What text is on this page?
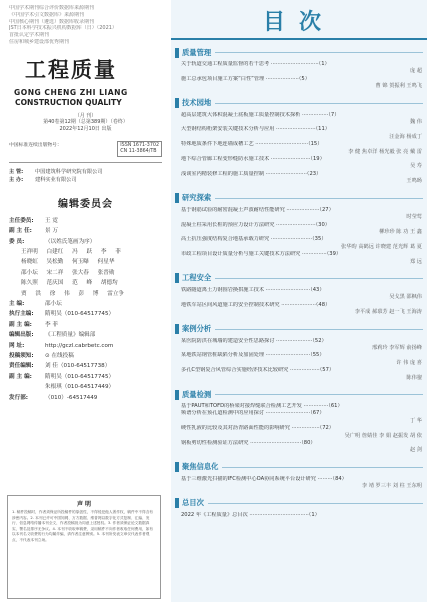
中国学术期刊综合评价数据库来源期刊
《中国学术引文数据库》来源期刊
中国核心期刊（遴选）数据库收录期刊
JST日本科学技术振兴机构数据库（日）（2021）
首批认定学术期刊
住房和城乡建设部优秀期刊
工程质量
GONG CHENG ZHI LIANG
CONSTRUCTION QUALITY
（月 刊）
第40卷第12期（总第389期）（卷终）
2022年12月10日 出版
中国标准连续出版物号：	ISSN 1671-3702
CN 11-3864/TB
主 管: 中国建筑科学研究院有限公司
主 办: 建科实业有限公司
编辑委员会
主任委员: 王 霓
副 主 任: 景 万
委 员:	（以姓氏笔画为序）
王祥明 白建红 冯 跃 李 菲
杨晓虹 吴松勤 何玉曝 何星华
邵小坛 宋二祥 张大春 张晋勋
陈久照 范庆国 范 峰 胡德均
贾 洪 徐 伟 彭 博 雷立争
主 编:	邵小坛
执行主编: 隋明吴（010-64517745）
副 主 编: 李 菲
编辑出版: 《工程质量》编辑部
网 址:	http://gczl.cabrbetc.com
投稿须知: ⊙ 在线投稿
责任编辑: 刘 佳（010-64517738）
副 主 编: 隋明吴（010-64517745）
朱根琪（010-64517449）
发行部:	（010）-64517449
声 明

1. 稿件投稿时，作者须保证所投稿件的原创性，不得侵犯他人著作权，稿件中不得含有涉密内容。2. 本刊已许可中国知网、万方数据、维普网以数字化方式复制、汇编、发行、信息网络传播本刊全文，作者投稿视为同意上述授权。3. 作者须保证论文数据真实，署名及排序无争议。4. 本刊不收取审稿费，录用稿件不向作者收取任何费用，如有以本刊名义收费的行为均属诈骗，请作者注意辨别。5. 本刊所发表文章仅代表作者观点，不代表本刊立场。

目次
质量管理
关于轨道交通工程质量监督的若干思考 ·····························（1）
庞 超
施工总承包项目施工方案“白性”管理 ····················（5）
曹 锦 贺振利 王鸣飞
技术园地
超高层建筑大体积混凝土底板施工质量控制技术探析 ················（7）
魏 伟
大型钢结构桁架安装关键技术分析与应用 ························（11）
汪金海 杨成丁
特殊地质条件下地连墙成槽工艺 ································（15）
李 健 焦卓洋 杨光毅 张 亮 戴 雷
地下综合管廊工程变形缝防水施工技术 ························（19）
吴 寿
浅谈室内精装修工程的施工质量控制 ·························（23）
王鸣旸
研究探索
基于钢筋试验的耐密混凝土声波耐结性能研究 ····················（27）
时莹莺
混凝土柱采用长桩的预应力设计方法研究 ························（30）
柳珍珍 陈 功 王 鑫
高土抗压强度结构复合地基承载力研究 ·························（35）
张华昀 高鹤远 许晓建 范光辉 葛 夏
市政工程项目设计质量分析与施工关键技术方法研究 ···············（39）
郑 远
工程安全
铁路隧道离土力钢围岩换拱施工技术 ···························（43）
吴戈黑 邵枫伟
地铁车站区间风道施工的安全控制技术研究 ·····················（48）
李平成 郝慕芳 赵一飞 王海涛
案例分析
某医院防洪在城墙的建造安全性思路探讨 ······················（52）
邢莉玲 李军辉 俞扬峰
某地铁站钢管桩缺陷分析及加固处理 ···························（55）
许 伟 庞 喜
多孔C型钢复合风管综合实施经济技术比较研究 ··················（57）
陈伟鋆
质量检测
基于PAUT和TOFD的桥梁对接焊缝联合检测工艺开发 ···············（61）
频谱分析在预孔道检测中的应用探讨 ···························（67）
丁 华
硬性乳液的比较及其对沥青路面性能的影响研究 ·················（72）
吴广明 詹婧佳 李 娟 赵振发 胡 依
钢板剪切性检测验证方法研究 ·······························（80）
赵 剑
聚焦信息化
基于三维激光扫描的IFC检测中心OA协同系统平台设计研究 ·········（84）
李 靖 罗三丰 刘 柱 王东明
总目次
2022 年《工程质量》总目次 ····································（1）
